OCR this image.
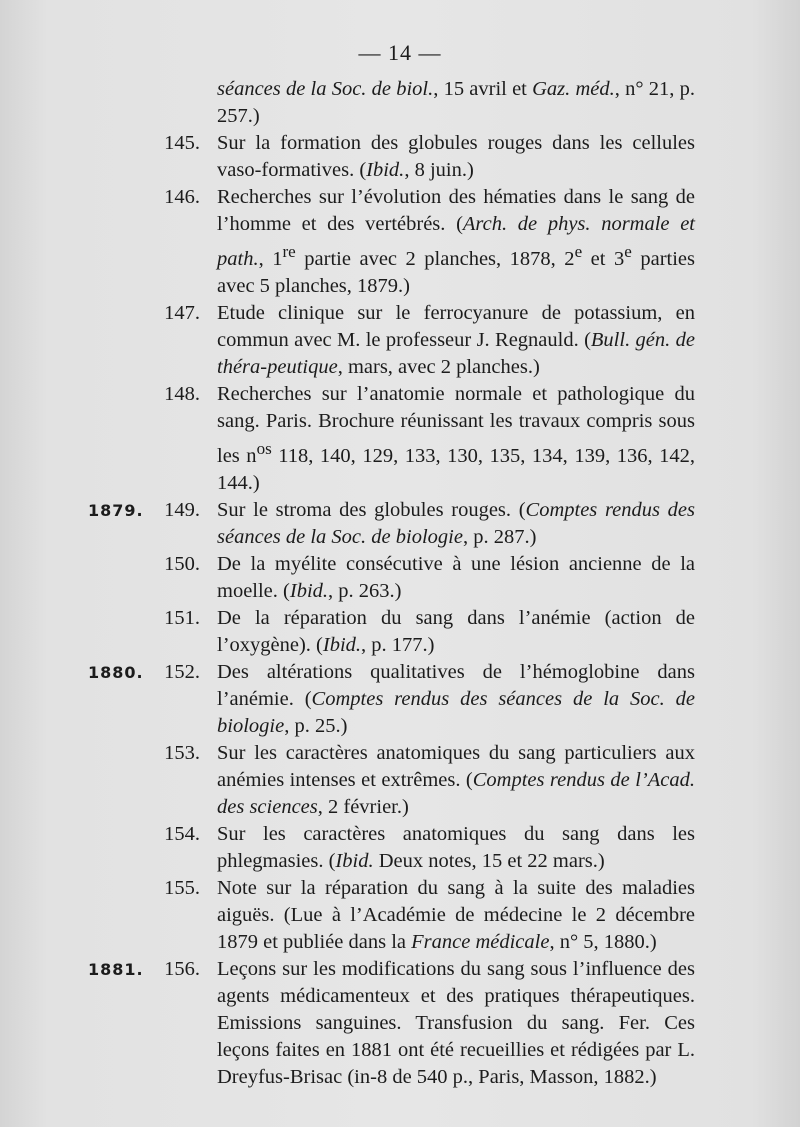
— 14 —
séances de la Soc. de biol., 15 avril et Gaz. méd., n° 21, p. 257.)
145. Sur la formation des globules rouges dans les cellules vaso-formatives. (Ibid., 8 juin.)
146. Recherches sur l’évolution des hématies dans le sang de l’homme et des vertébrés. (Arch. de phys. normale et path., 1re partie avec 2 planches, 1878, 2e et 3e parties avec 5 planches, 1879.)
147. Etude clinique sur le ferrocyanure de potassium, en commun avec M. le professeur J. Regnauld. (Bull. gén. de théra-peutique, mars, avec 2 planches.)
148. Recherches sur l’anatomie normale et pathologique du sang. Paris. Brochure réunissant les travaux compris sous les $n^{os}$ 118, 140, 129, 133, 130, 135, 134, 139, 136, 142, 144.)
1879 .	149. Sur le stroma des globules rouges. (Comptes rendus des séances de la Soc. de biologie, p. 287.)
150. De la myélite consécutive à une lésion ancienne de la moelle. (Ibid., p. 263.)
151. De la réparation du sang dans l’anémie (action de l’oxygène). (Ibid., p. 177.)
1880 .	152. Des altérations qualitatives de l’hémoglobine dans l’anémie. (Comptes rendus des séances de la Soc. de biologie, p. 25.)
153. Sur les caractères anatomiques du sang particuliers aux anémies intenses et extrêmes. (Comptes rendus de l’Acad. des sciences, 2 février.)
154. Sur les caractères anatomiques du sang dans les phlegmasies. (Ibid. Deux notes, 15 et 22 mars.)
155. Note sur la réparation du sang à la suite des maladies aiguës. (Lue à l’Académie de médecine le 2 décembre 1879 et publiée dans la France médicale, n° 5, 1880.)
1881 .	156. Leçons sur les modifications du sang sous l’influence des agents médicamenteux et des pratiques thérapeutiques. Emissions sanguines. Transfusion du sang. Fer. Ces leçons faites en 1881 ont été recueillies et rédigées par L. Dreyfus-Brisac (in-8 de 540 p., Paris, Masson, 1882.)
